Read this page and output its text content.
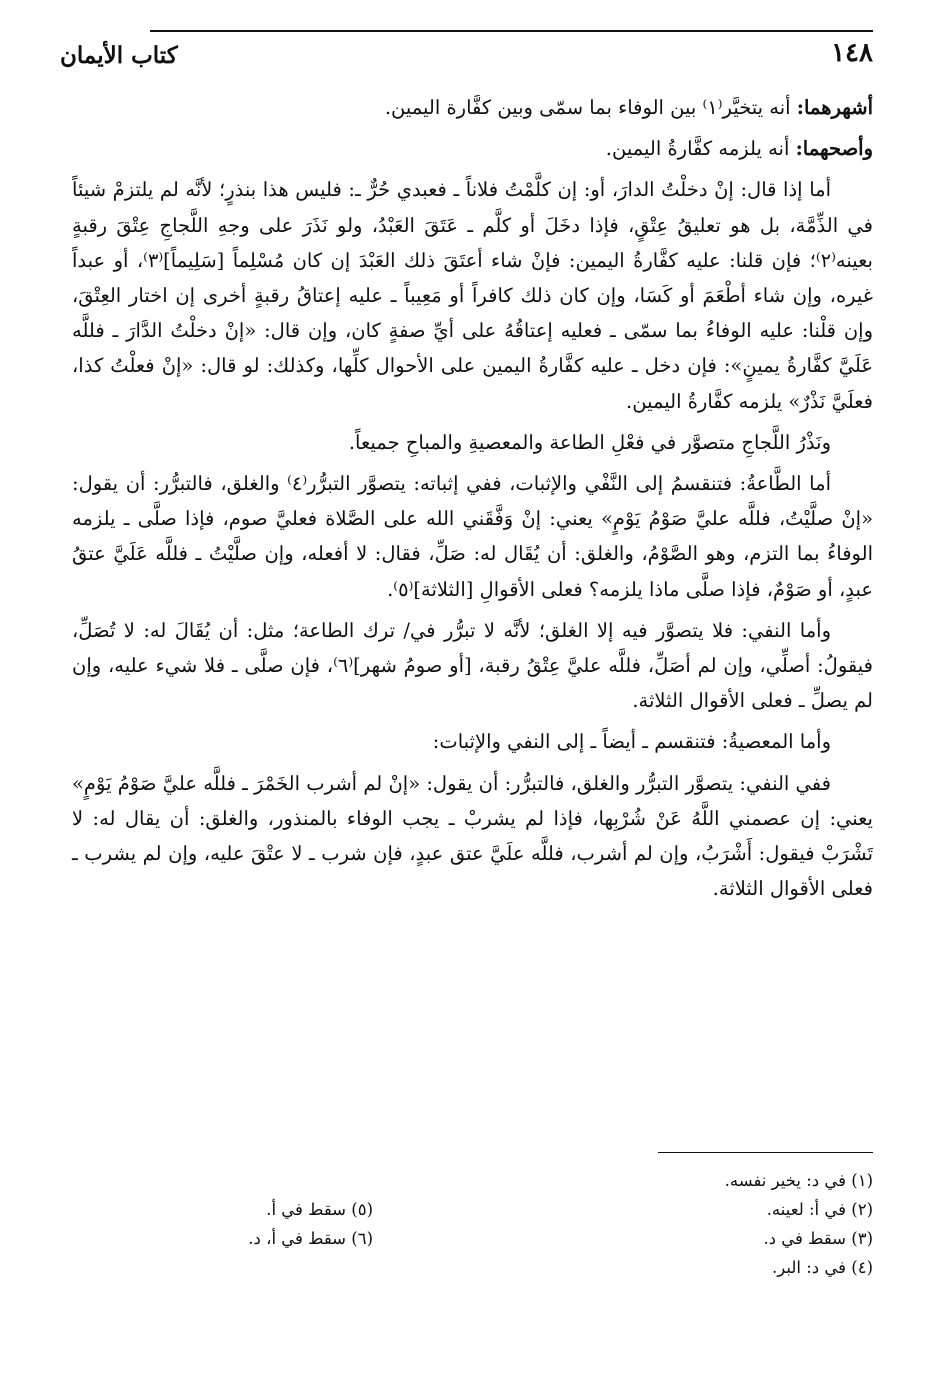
١٤٨
كتاب الأيمان

أشهرهما: أنه يتخيَّر⁽١⁾ بين الوفاء بما سمّى وبين كفَّارة اليمين.

وأصحهما: أنه يلزمه كفَّارةُ اليمين.

أما إذا قال: إنْ دخلْتُ الدارَ، أو: إن كلَّمْتُ فلاناً ـ فعبدي حُرٌّ ـ: فليس هذا بنذرٍ؛ لأنَّه لم يلتزمْ شيئاً في الذِّمَّة، بل هو تعليقُ عِتْقٍ، فإذا دخَلَ أو كلَّم ـ عَتَقَ العَبْدُ، ولو نَذَرَ على وجهِ اللَّجاجِ عِتْقَ رقبةٍ بعينه⁽٢⁾؛ فإن قلنا: عليه كفَّارةُ اليمين: فإنْ شاء أعتَقَ ذلك العَبْدَ إن كان مُسْلِماً [سَلِيماً]⁽٣⁾، أو عبداً غيره، وإن شاء أطْعَمَ أو كَسَا، وإن كان ذلك كافراً أو مَعِيباً ـ عليه إعتاقُ رقبةٍ أخرى إن اختار العِتْقَ، وإن قلْنا: عليه الوفاءُ بما سمّى ـ فعليه إعتاقُهُ على أيِّ صفةٍ كان، وإن قال: «إنْ دخلْتُ الدَّارَ ـ فللَّه عَلَيَّ كفَّارةُ يمينٍ»: فإن دخل ـ عليه كفَّارةُ اليمين على الأحوال كلِّها، وكذلك: لو قال: «إنْ فعلْتُ كذا، فعلَيَّ نَذْرٌ» يلزمه كفَّارةُ اليمين.

ونَذْرُ اللَّجاجِ متصوَّر في فعْلِ الطاعة والمعصيةِ والمباحِ جميعاً.

أما الطَّاعةُ: فتنقسمُ إلى النَّفْي والإثبات، ففي إثباته: يتصوَّر التبرُّر⁽٤⁾ والغلق، فالتبرُّر: أن يقول: «إنْ صلَّيْتُ، فللَّه عليَّ صَوْمُ يَوْمٍ» يعني: إنْ وَفَّقَني الله على الصَّلاة فعليَّ صوم، فإذا صلَّى ـ يلزمه الوفاءُ بما التزم، وهو الصَّوْمُ، والغلق: أن يُقَال له: صَلِّ، فقال: لا أفعله، وإن صلَّيْتُ ـ فللَّه عَلَيَّ عتقُ عبدٍ، أو صَوْمٌ، فإذا صلَّى ماذا يلزمه؟ فعلى الأقوالِ [الثلاثة]⁽٥⁾.

وأما النفي: فلا يتصوَّر فيه إلا الغلق؛ لأنَّه لا تبرُّر في/ ترك الطاعة؛ مثل: أن يُقَالَ له: لا تُصَلِّ، فيقولُ: أصلِّي، وإن لم أصَلِّ، فللَّه عليَّ عِتْقُ رقبة، [أو صومُ شهر]⁽٦⁾، فإن صلَّى ـ فلا شيء عليه، وإن لم يصلِّ ـ فعلى الأقوال الثلاثة.

وأما المعصيةُ: فتنقسم ـ أيضاً ـ إلى النفي والإثبات:

ففي النفي: يتصوَّر التبرُّر والغلق، فالتبرُّر: أن يقول: «إنْ لم أشرب الخَمْرَ ـ فللَّه عليَّ صَوْمُ يَوْمٍ» يعني: إن عصمني اللَّهُ عَنْ شُرْبِها، فإذا لم يشربْ ـ يجب الوفاء بالمنذور، والغلق: أن يقال له: لا تَشْرَبْ فيقول: أَشْرَبُ، وإن لم أشرب، فللَّه علَيَّ عتق عبدٍ، فإن شرب ـ لا عتْقَ عليه، وإن لم يشرب ـ فعلى الأقوال الثلاثة.

(١) في د: يخير نفسه.
(٢) في أ: لعينه.
(٥) سقط في أ.
(٣) سقط في د.
(٦) سقط في أ، د.
(٤) في د: البر.
